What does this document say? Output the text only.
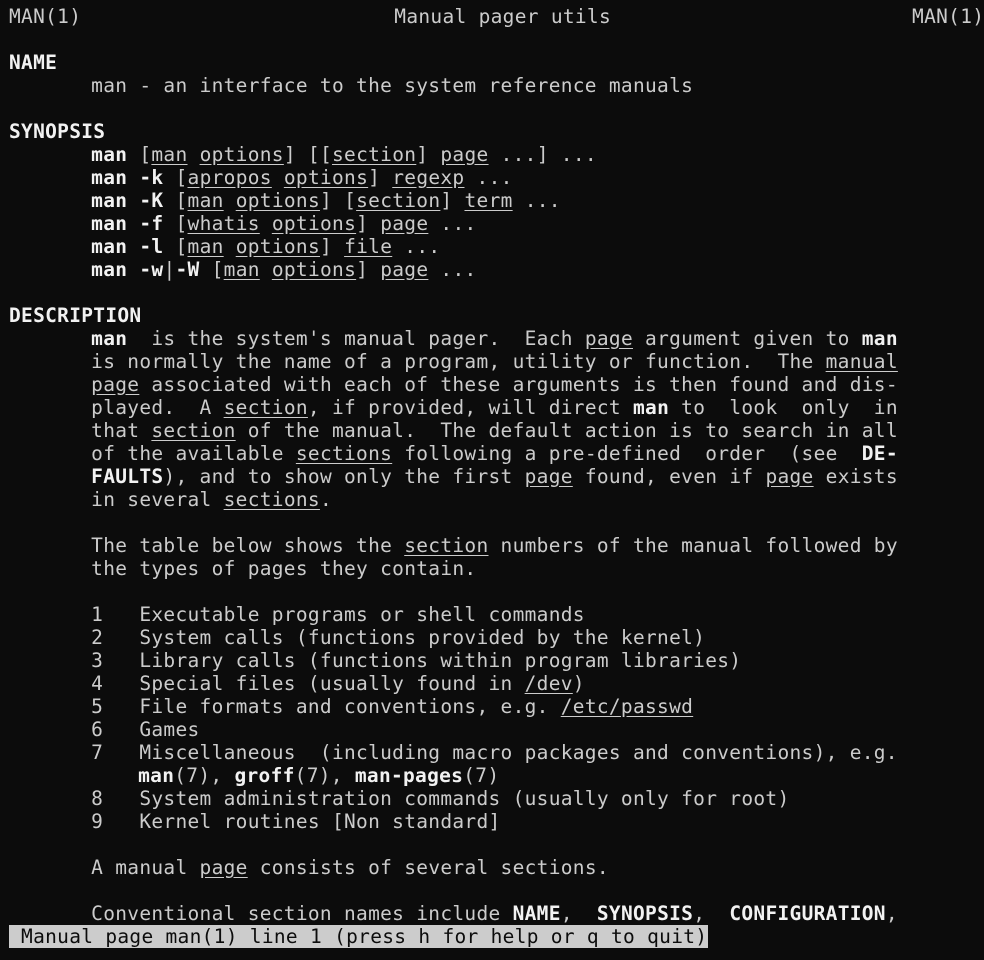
MAN(1)	Manual pager utils	MAN(1)
NAME
man - an interface to the system reference manuals
SYNOPSIS
man [man options] [[section] page ...] ...
man -k [apropos options] regexp ...
man -K [man options] [section] term ...
man -f [whatis options] page ...
man -l [man options] file ...
man -w|-W [man options] page ...
DESCRIPTION
man  is the system's manual pager.  Each page argument given to man
is normally the name of a program, utility or function.  The manual
page associated with each of these arguments is then found and dis-
played.  A section, if provided, will direct man to  look  only  in
that section of the manual.  The default action is to search in all
of the available sections following a pre-defined  order  (see  DE-
FAULTS), and to show only the first page found, even if page exists
in several sections.
The table below shows the section numbers of the manual followed by
the types of pages they contain.
1   Executable programs or shell commands
2   System calls (functions provided by the kernel)
3   Library calls (functions within program libraries)
4   Special files (usually found in /dev)
5   File formats and conventions, e.g. /etc/passwd
6   Games
7   Miscellaneous  (including macro packages and conventions), e.g.
man(7), groff(7), man-pages(7)
8   System administration commands (usually only for root)
9   Kernel routines [Non standard]
A manual page consists of several sections.
Conventional section names include NAME,  SYNOPSIS,  CONFIGURATION,
Manual page man(1) line 1 (press h for help or q to quit)
